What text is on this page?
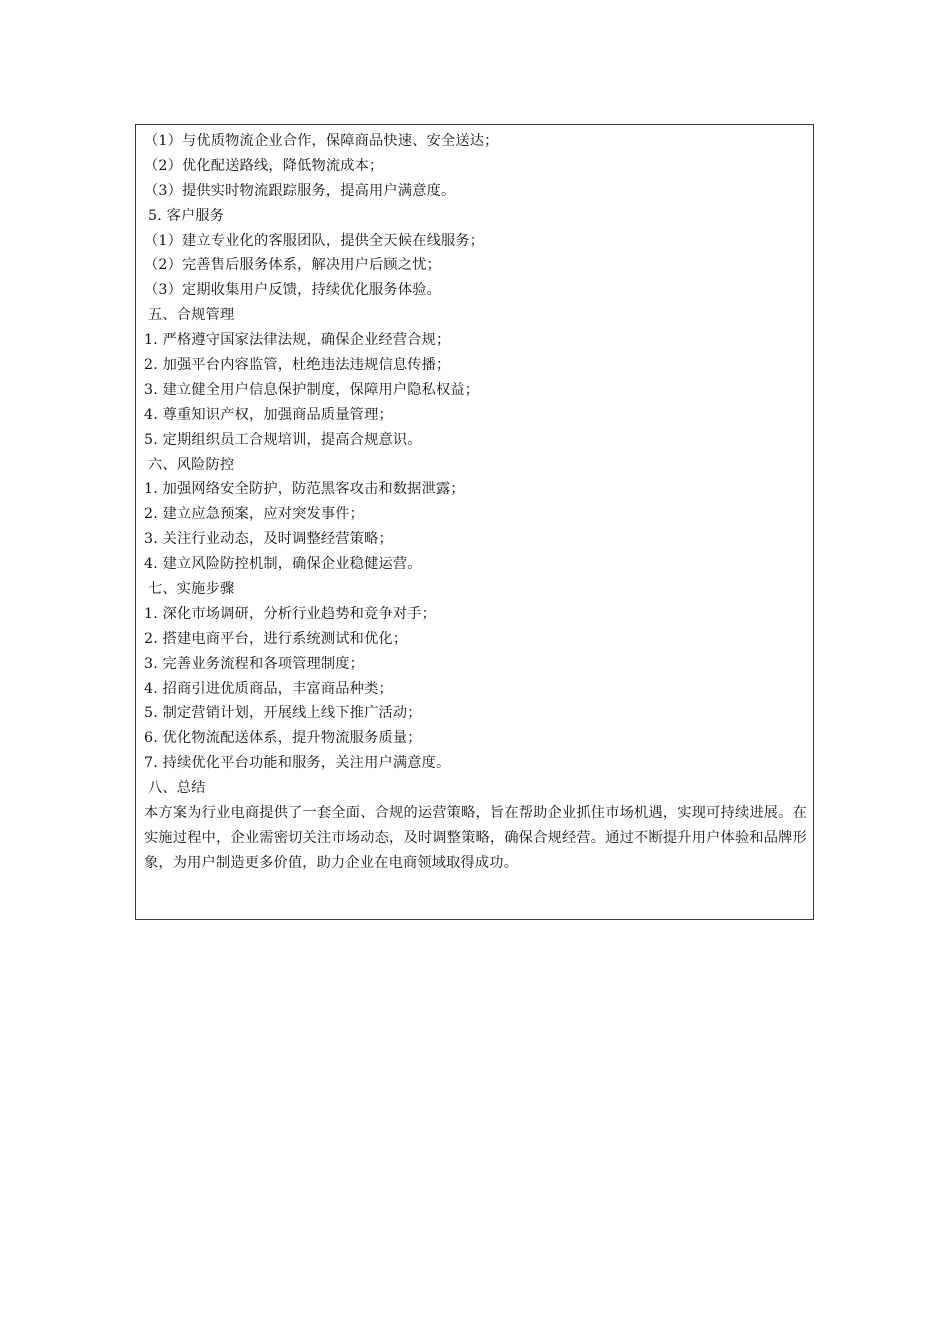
（1）与优质物流企业合作，保障商品快速、安全送达；
（2）优化配送路线，降低物流成本；
（3）提供实时物流跟踪服务，提高用户满意度。
5. 客户服务
（1）建立专业化的客服团队，提供全天候在线服务；
（2）完善售后服务体系，解决用户后顾之忧；
（3）定期收集用户反馈，持续优化服务体验。
五、合规管理
1. 严格遵守国家法律法规，确保企业经营合规；
2. 加强平台内容监管，杜绝违法违规信息传播；
3. 建立健全用户信息保护制度，保障用户隐私权益；
4. 尊重知识产权，加强商品质量管理；
5. 定期组织员工合规培训，提高合规意识。
六、风险防控
1. 加强网络安全防护，防范黑客攻击和数据泄露；
2. 建立应急预案，应对突发事件；
3. 关注行业动态，及时调整经营策略；
4. 建立风险防控机制，确保企业稳健运营。
七、实施步骤
1. 深化市场调研，分析行业趋势和竞争对手；
2. 搭建电商平台，进行系统测试和优化；
3. 完善业务流程和各项管理制度；
4. 招商引进优质商品，丰富商品种类；
5. 制定营销计划，开展线上线下推广活动；
6. 优化物流配送体系，提升物流服务质量；
7. 持续优化平台功能和服务，关注用户满意度。
八、总结

本方案为行业电商提供了一套全面、合规的运营策略，旨在帮助企业抓住市场机遇，实现可持续进展。在实施过程中，企业需密切关注市场动态，及时调整策略，确保合规经营。通过不断提升用户体验和品牌形象，为用户制造更多价值，助力企业在电商领域取得成功。
